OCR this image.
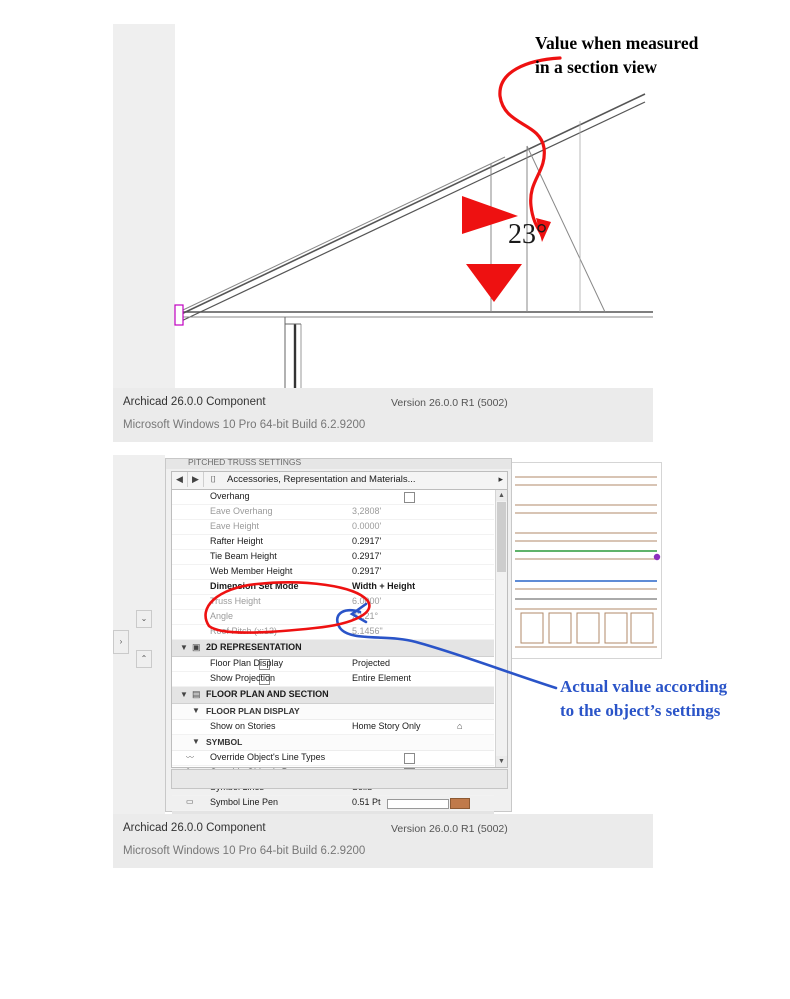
23°
Value when measured
in a section view
Archicad 26.0.0 Component	Version 26.0.0 R1 (5002)
Microsoft Windows 10 Pro 64-bit Build 6.2.9200
›
⌄
⌃
PITCHED TRUSS SETTINGS
◀	▶	⌷	Accessories, Representation and Materials...	▸
Overhang
Eave Overhang	3,2808'
Eave Height	0.0000'
Rafter Height	0.2917'
Tie Beam Height	0.2917'
Web Member Height	0.2917'
Dimension Set Mode	Width + Height
Truss Height	6.0000'
Angle	23.21°
Roof Pitch (x:12)	5.1456"
▼ ▣ 2D REPRESENTATION
Floor Plan Display	Projected
Show Projection	Entire Element
▼ ▤ FLOOR PLAN AND SECTION
▼ FLOOR PLAN DISPLAY
Show on Stories	Home Story Only	⌂
▼ SYMBOL
〰	Override Object's Line Types
▭	Symbol Line Pen	0.51 Pt
▲
▼
Actual value according
to the object’s settings
Archicad 26.0.0 Component	Version 26.0.0 R1 (5002)
Microsoft Windows 10 Pro 64-bit Build 6.2.9200
